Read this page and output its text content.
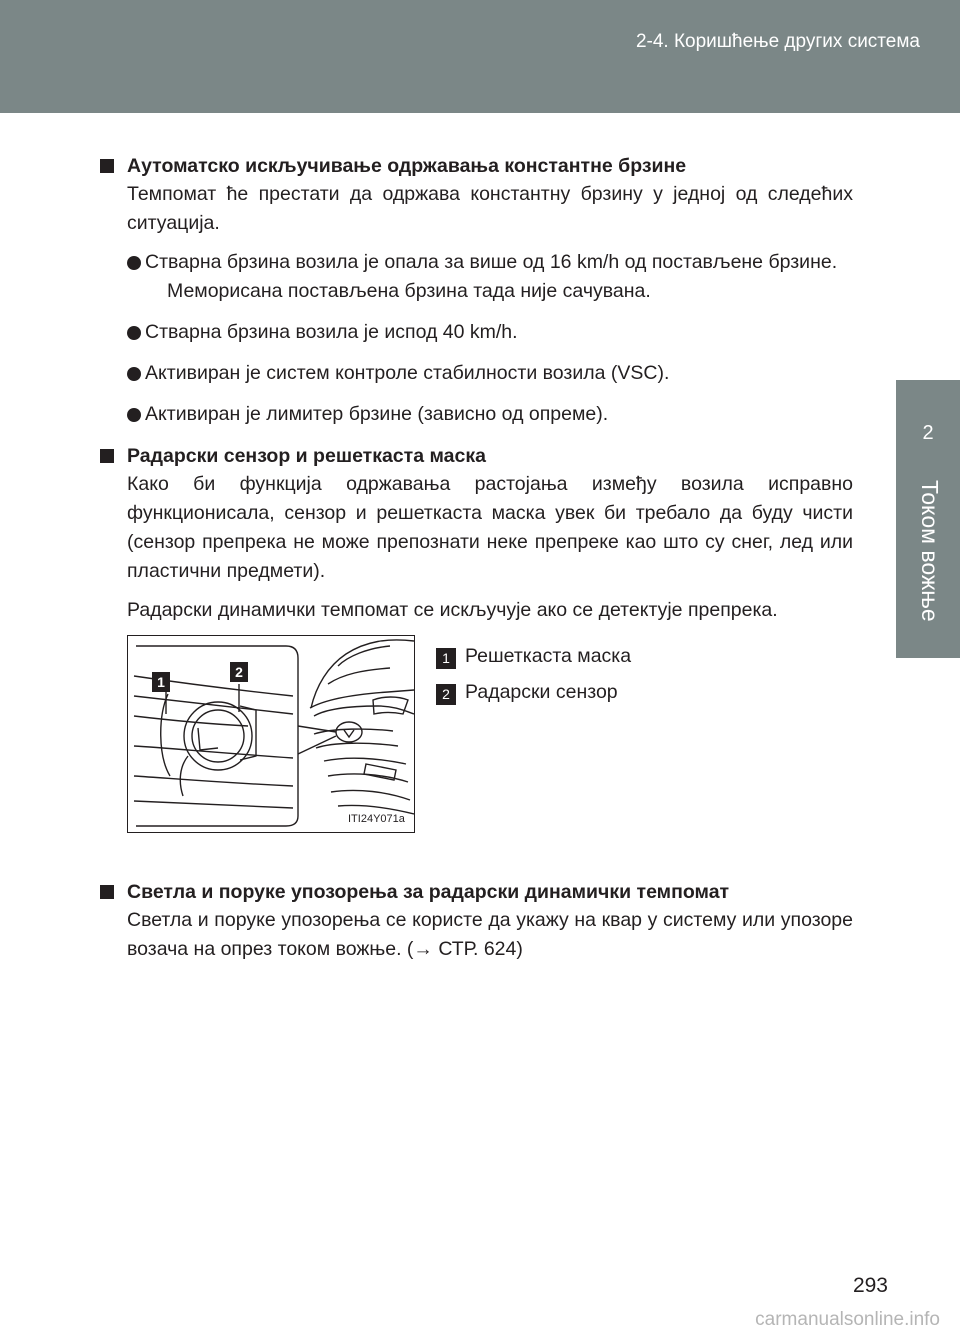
2-4. Коришћење других система
2
Током вожње
Аутоматско искључивање одржавања константне брзине
Темпомат ће престати да одржава константну брзину у једној од следећих ситуација.
Стварна брзина возила је опала за више од 16 km/h од постављене брзине.
Меморисана постављена брзина тада није сачувана.
Стварна брзина возила је испод 40 km/h.
Активиран је систем контроле стабилности возила (VSC).
Активиран је лимитер брзине (зависно од опреме).
Радарски сензор и решеткаста маска
Како би функција одржавања растојања између возила исправно функционисала, сензор и решеткаста маска увек би требало да буду чисти (сензор препрека не може препознати неке препреке као што су снег, лед или пластични предмети).
Радарски динамички темпомат се искључује ако се детектује препрека.
1
2
ITI24Y071a
1 Решеткаста маска
2 Радарски сензор
Светла и поруке упозорења за радарски динамички темпомат
Светла и поруке упозорења се користе да укажу на квар у систему или упозоре возача на опрез током вожње. (→ СТР. 624)
293
carmanualsonline.info
